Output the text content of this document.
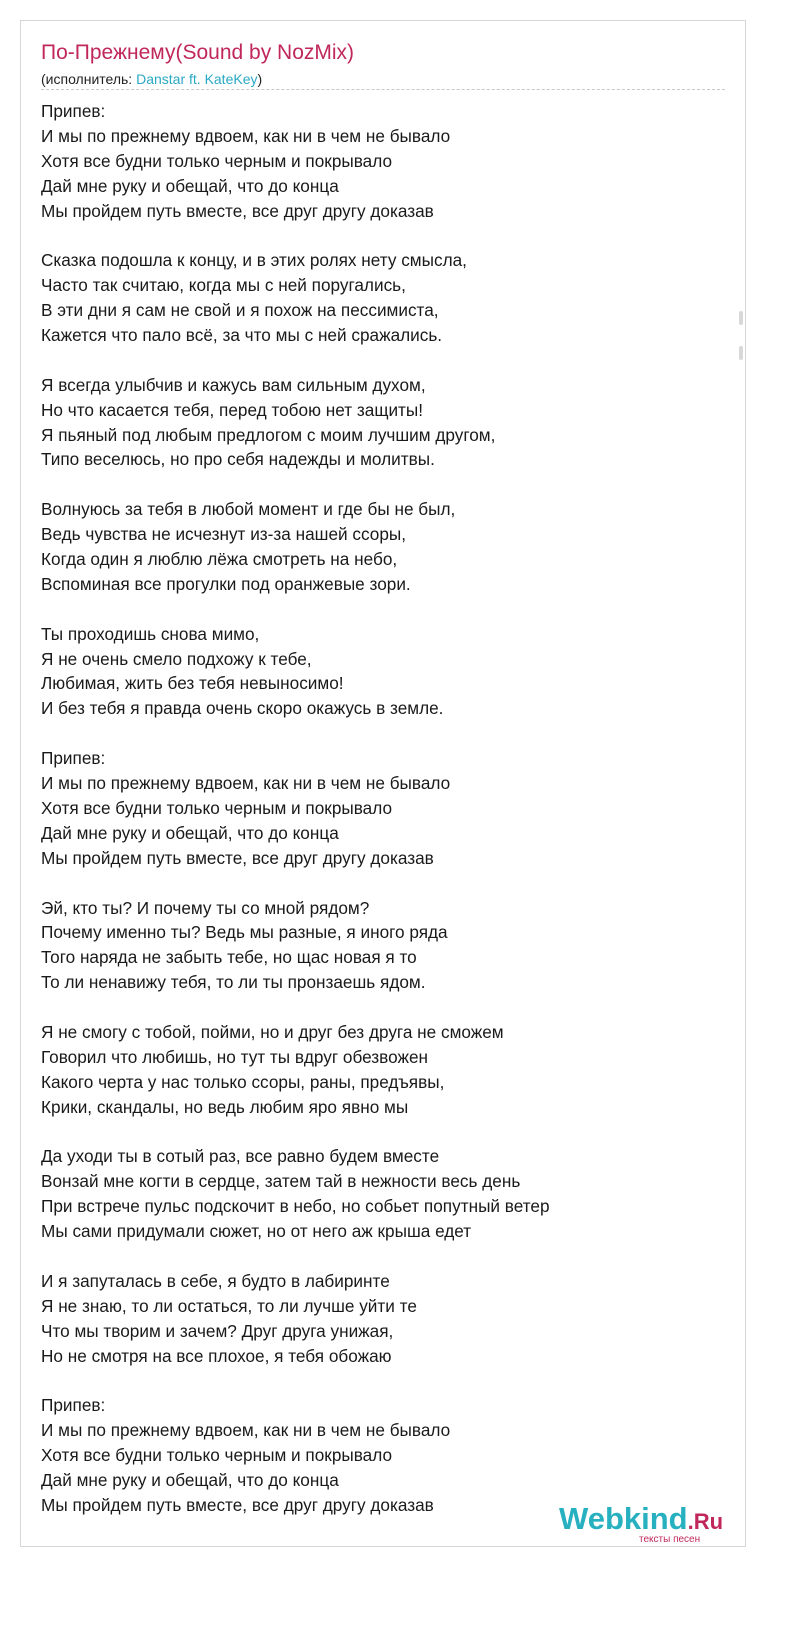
По-Прежнему(Sound by NozMix)
(исполнитель: Danstar ft. KateKey)
Припев:
И мы по прежнему вдвоем, как ни в чем не бывало
Хотя все будни только черным и покрывало
Дай мне руку и обещай, что до конца
Мы пройдем путь вместе, все друг другу доказав
Сказка подошла к концу, и в этих ролях нету смысла,
Часто так считаю, когда мы с ней поругались,
В эти дни я сам не свой и я похож на пессимиста,
Кажется что пало всё, за что мы с ней сражались.
Я всегда улыбчив и кажусь вам сильным духом,
Но что касается тебя, перед тобою нет защиты!
Я пьяный под любым предлогом с моим лучшим другом,
Типо веселюсь, но про себя надежды и молитвы.
Волнуюсь за тебя в любой момент и где бы не был,
Ведь чувства не исчезнут из-за нашей ссоры,
Когда один я люблю лёжа смотреть на небо,
Вспоминая все прогулки под оранжевые зори.
Ты проходишь снова мимо,
Я не очень смело подхожу к тебе,
Любимая, жить без тебя невыносимо!
И без тебя я правда очень скоро окажусь в земле.
Припев:
И мы по прежнему вдвоем, как ни в чем не бывало
Хотя все будни только черным и покрывало
Дай мне руку и обещай, что до конца
Мы пройдем путь вместе, все друг другу доказав
Эй, кто ты? И почему ты со мной рядом?
Почему именно ты? Ведь мы разные, я иного ряда
Того наряда не забыть тебе, но щас новая я то
То ли ненавижу тебя, то ли ты пронзаешь ядом.
Я не смогу с тобой, пойми, но и друг без друга не сможем
Говорил что любишь, но тут ты вдруг обезвожен
Какого черта у нас только ссоры, раны, предъявы,
Крики, скандалы, но ведь любим яро явно мы
Да уходи ты в сотый раз, все равно будем вместе
Вонзай мне когти в сердце, затем тай в нежности весь день
При встрече пульс подскочит в небо, но собьет попутный ветер
Мы сами придумали сюжет, но от него аж крыша едет
И я запуталась в себе, я будто в лабиринте
Я не знаю, то ли остаться, то ли лучше уйти те
Что мы творим и зачем? Друг друга унижая,
Но не смотря на все плохое, я тебя обожаю
Припев:
И мы по прежнему вдвоем, как ни в чем не бывало
Хотя все будни только черным и покрывало
Дай мне руку и обещай, что до конца
Мы пройдем путь вместе, все друг другу доказав	Webkind.Ru
тексты песен
